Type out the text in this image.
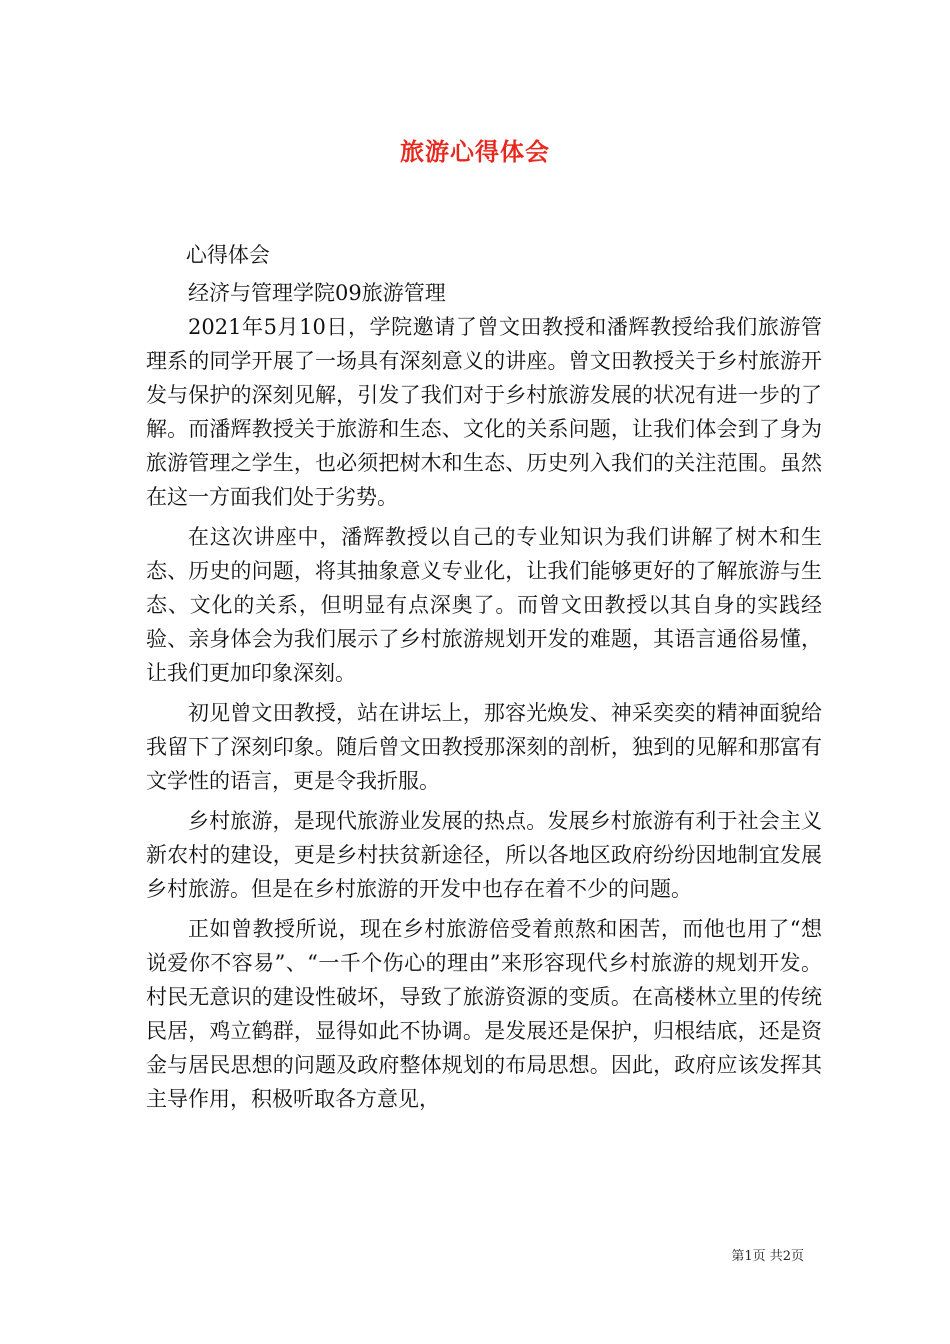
旅游心得体会

心得体会

经济与管理学院09旅游管理

2021年5月10日，学院邀请了曾文田教授和潘辉教授给我们旅游管理系的同学开展了一场具有深刻意义的讲座。曾文田教授关于乡村旅游开发与保护的深刻见解，引发了我们对于乡村旅游发展的状况有进一步的了解。而潘辉教授关于旅游和生态、文化的关系问题，让我们体会到了身为旅游管理之学生，也必须把树木和生态、历史列入我们的关注范围。虽然在这一方面我们处于劣势。

在这次讲座中，潘辉教授以自己的专业知识为我们讲解了树木和生态、历史的问题，将其抽象意义专业化，让我们能够更好的了解旅游与生态、文化的关系，但明显有点深奥了。而曾文田教授以其自身的实践经验、亲身体会为我们展示了乡村旅游规划开发的难题，其语言通俗易懂，让我们更加印象深刻。

初见曾文田教授，站在讲坛上，那容光焕发、神采奕奕的精神面貌给我留下了深刻印象。随后曾文田教授那深刻的剖析，独到的见解和那富有文学性的语言，更是令我折服。

乡村旅游，是现代旅游业发展的热点。发展乡村旅游有利于社会主义新农村的建设，更是乡村扶贫新途径，所以各地区政府纷纷因地制宜发展乡村旅游。但是在乡村旅游的开发中也存在着不少的问题。

正如曾教授所说，现在乡村旅游倍受着煎熬和困苦，而他也用了“想说爱你不容易”、“一千个伤心的理由”来形容现代乡村旅游的规划开发。村民无意识的建设性破坏，导致了旅游资源的变质。在高楼林立里的传统民居，鸡立鹤群，显得如此不协调。是发展还是保护，归根结底，还是资金与居民思想的问题及政府整体规划的布局思想。因此，政府应该发挥其主导作用，积极听取各方意见，

第1页 共2页
